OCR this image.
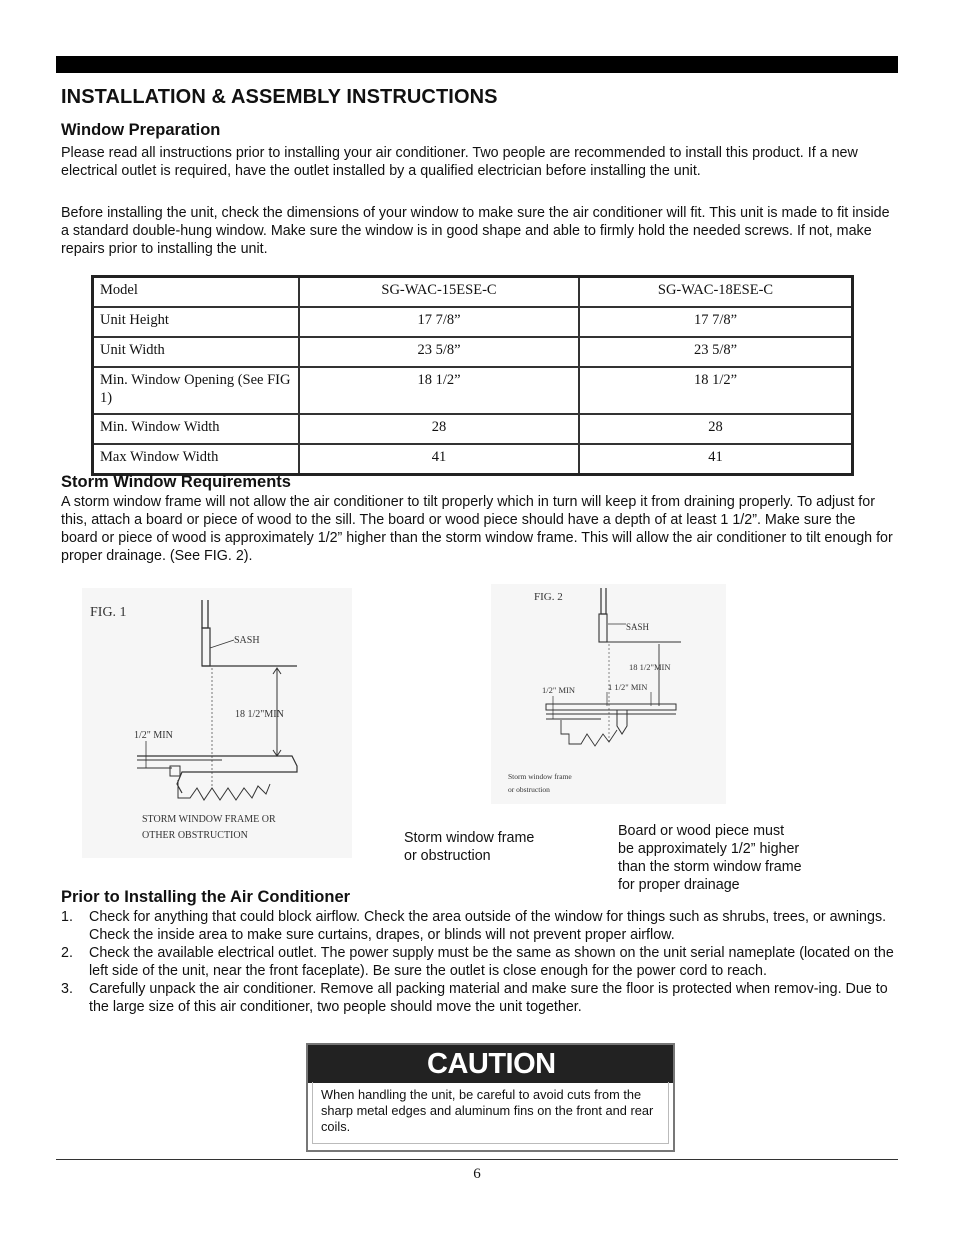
INSTALLATION & ASSEMBLY INSTRUCTIONS
Window Preparation
Please read all instructions prior to installing your air conditioner. Two people are recommended to install this product. If a new electrical outlet is required, have the outlet installed by a qualified electrician before installing the unit.
Before installing the unit, check the dimensions of your window to make sure the air conditioner will fit. This unit is made to fit inside a standard double-hung window. Make sure the window is in good shape and able to firmly hold the needed screws. If not, make repairs prior to installing the unit.
Model	SG-WAC-15ESE-C	SG-WAC-18ESE-C
Unit Height	17 7/8”	17 7/8”
Unit Width	23 5/8”	23 5/8”
Min. Window Opening (See FIG 1)	18 1/2”	18 1/2”
Min. Window Width	28	28
Max Window Width	41	41
Storm Window Requirements
A storm window frame will not allow the air conditioner to tilt properly which in turn will keep it from draining properly. To adjust for this, attach a board or piece of wood to the sill. The board or wood piece should have a depth of at least 1 1/2”. Make sure the board or piece of wood is approximately 1/2” higher than the storm window frame. This will allow the air conditioner to tilt enough for proper drainage. (See FIG. 2).
FIG. 1
SASH
18 1/2"MIN
1/2" MIN
STORM WINDOW FRAME OR
OTHER OBSTRUCTION
FIG. 2
SASH
18 1/2"MIN
1/2" MIN	1 1/2" MIN
Storm window frame
or obstruction
Storm window frame
or obstruction
Board or wood piece must
be approximately 1/2” higher
than the storm window frame
for proper drainage
Prior to Installing the Air Conditioner
1. Check for anything that could block airflow. Check the area outside of the window for things such as shrubs, trees, or awnings. Check the inside area to make sure curtains, drapes, or blinds will not prevent proper airflow.
2. Check the available electrical outlet. The power supply must be the same as shown on the unit serial nameplate (located on the left side of the unit, near the front faceplate). Be sure the outlet is close enough for the power cord to reach.
3. Carefully unpack the air conditioner. Remove all packing material and make sure the floor is protected when remov-ing. Due to the large size of this air conditioner, two people should move the unit together.
CAUTION
When handling the unit, be careful to avoid cuts from the sharp metal edges and aluminum fins on the front and rear coils.
6
